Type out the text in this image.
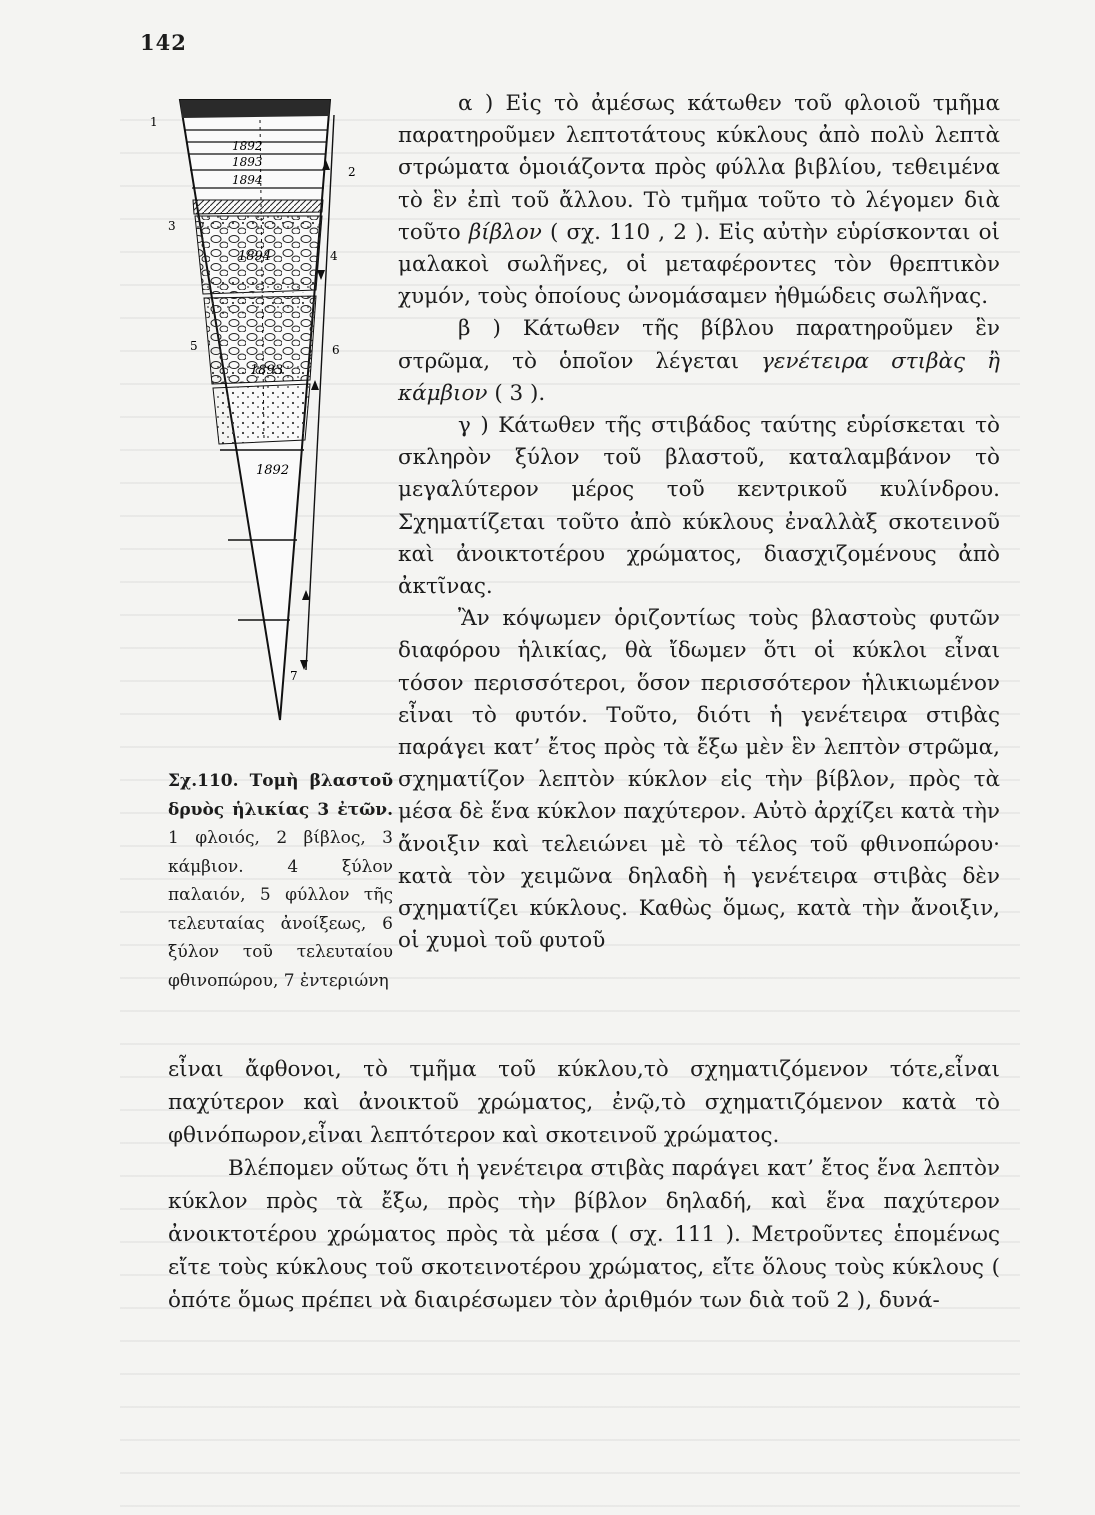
142
1892
1893
1894
1894
1893
1892
1
2
3
4
5	6
7

Σχ.110. Τομὴ βλαστοῦ δρυὸς ἡλικίας 3 ἐτῶν. 1 φλοιός, 2 βίβλος, 3 κάμβιον. 4 ξύλον παλαιόν, 5 φύλλον τῆς τελευταίας ἀνοίξεως, 6 ξύλον τοῦ τελευταίου φθινοπώρου, 7 ἐντεριώνη

α ) Εἰς τὸ ἀμέσως κάτωθεν τοῦ φλοιοῦ τμῆμα παρατηροῦμεν λεπτοτάτους κύκλους ἀπὸ πολὺ λεπτὰ στρώματα ὁμοιάζοντα πρὸς φύλλα βιβλίου, τεθειμένα τὸ ἓν ἐπὶ τοῦ ἄλλου. Τὸ τμῆμα τοῦτο τὸ λέγομεν διὰ τοῦτο βίβλον ( σχ. 110 , 2 ). Εἰς αὐτὴν εὑρίσκονται οἱ μαλακοὶ σωλῆνες, οἱ μεταφέροντες τὸν θρεπτικὸν χυμόν, τοὺς ὁποίους ὠνομάσαμεν ἠθμώδεις σωλῆνας.

β ) Κάτωθεν τῆς βίβλου παρατηροῦμεν ἓν στρῶμα, τὸ ὁποῖον λέγεται γενέτειρα στιβὰς ἢ κάμβιον ( 3 ).

γ ) Κάτωθεν τῆς στιβάδος ταύτης εὑρίσκεται τὸ σκληρὸν ξύλον τοῦ βλαστοῦ, καταλαμβάνον τὸ μεγαλύτερον μέρος τοῦ κεντρικοῦ κυλίνδρου. Σχηματίζεται τοῦτο ἀπὸ κύκλους ἐναλλὰξ σκοτεινοῦ καὶ ἀνοικτοτέρου χρώματος, διασχιζομένους ἀπὸ ἀκτῖνας.

Ἂν κόψωμεν ὁριζοντίως τοὺς βλαστοὺς φυτῶν διαφόρου ἡλικίας, θὰ ἴδωμεν ὅτι οἱ κύκλοι εἶναι τόσον περισσότεροι, ὅσον περισσότερον ἡλικιωμένον εἶναι τὸ φυτόν. Τοῦτο, διότι ἡ γενέτειρα στιβὰς παράγει κατ’ ἔτος πρὸς τὰ ἔξω μὲν ἓν λεπτὸν στρῶμα, σχηματίζον λεπτὸν κύκλον εἰς τὴν βίβλον, πρὸς τὰ μέσα δὲ ἕνα κύκλον παχύτερον. Αὐτὸ ἀρχίζει κατὰ τὴν ἄνοιξιν καὶ τελειώνει μὲ τὸ τέλος τοῦ φθινοπώρου· κατὰ τὸν χειμῶνα δηλαδὴ ἡ γενέτειρα στιβὰς δὲν σχηματίζει κύκλους. Καθὼς ὅμως, κατὰ τὴν ἄνοιξιν, οἱ χυμοὶ τοῦ φυτοῦ

εἶναι ἄφθονοι, τὸ τμῆμα τοῦ κύκλου,τὸ σχηματιζόμενον τότε,εἶναι παχύτερον καὶ ἀνοικτοῦ χρώματος, ἐνῷ,τὸ σχηματιζόμενον κατὰ τὸ φθινόπωρον,εἶναι λεπτότερον καὶ σκοτεινοῦ χρώματος.

Βλέπομεν οὕτως ὅτι ἡ γενέτειρα στιβὰς παράγει κατ’ ἔτος ἕνα λεπτὸν κύκλον πρὸς τὰ ἔξω, πρὸς τὴν βίβλον δηλαδή, καὶ ἕνα παχύτερον ἀνοικτοτέρου χρώματος πρὸς τὰ μέσα ( σχ. 111 ). Μετροῦντες ἑπομένως εἴτε τοὺς κύκλους τοῦ σκοτεινοτέρου χρώματος, εἴτε ὅλους τοὺς κύκλους ( ὁπότε ὅμως πρέπει νὰ διαιρέσωμεν τὸν ἀριθμόν των διὰ τοῦ 2 ), δυνά-
